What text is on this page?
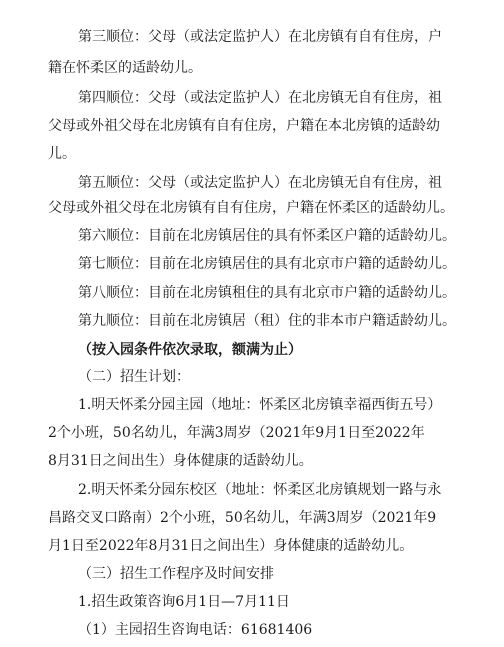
第三顺位：父母（或法定监护人）在北房镇有自有住房，户
籍在怀柔区的适龄幼儿。
第四顺位：父母（或法定监护人）在北房镇无自有住房，祖
父母或外祖父母在北房镇有自有住房，户籍在本北房镇的适龄幼
儿。
第五顺位：父母（或法定监护人）在北房镇无自有住房，祖
父母或外祖父母在北房镇有自有住房，户籍在怀柔区的适龄幼儿。
第六顺位：目前在北房镇居住的具有怀柔区户籍的适龄幼儿。
第七顺位：目前在北房镇居住的具有北京市户籍的适龄幼儿。
第八顺位：目前在北房镇租住的具有北京市户籍的适龄幼儿。
第九顺位：目前在北房镇居（租）住的非本市户籍适龄幼儿。
（按入园条件依次录取，额满为止）
（二）招生计划：
1.明天怀柔分园主园（地址：怀柔区北房镇幸福西街五号）
2个小班，50名幼儿，年满3周岁（2021年9月1日至2022年
8月31日之间出生）身体健康的适龄幼儿。
2.明天怀柔分园东校区（地址：怀柔区北房镇规划一路与永
昌路交叉口路南）2个小班，50名幼儿，年满3周岁（2021年9
月1日至2022年8月31日之间出生）身体健康的适龄幼儿。
（三）招生工作程序及时间安排
1.招生政策咨询6月1日—7月11日
（1）主园招生咨询电话：61681406
